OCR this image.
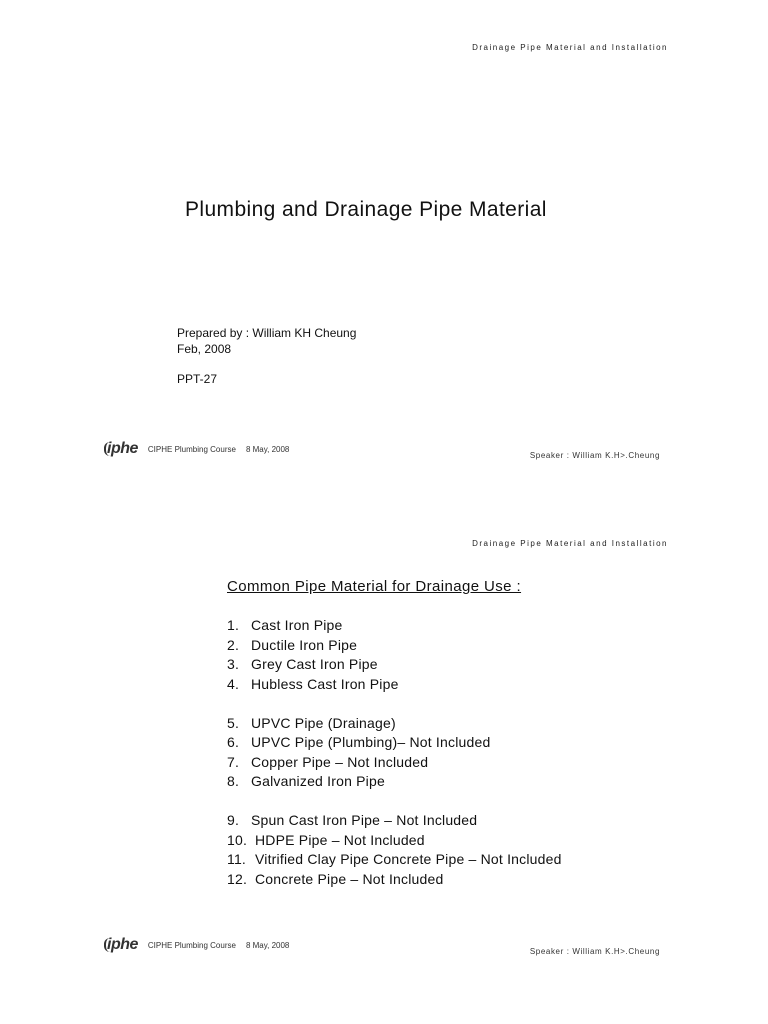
Drainage Pipe Material and Installation
Plumbing and Drainage Pipe Material
Prepared by : William KH Cheung
Feb, 2008
PPT-27
iphe CIPHE Plumbing Course 8 May, 2008
Speaker : William K.H>.Cheung
Drainage Pipe Material and Installation
Common Pipe Material for Drainage Use :
1. Cast Iron Pipe
2. Ductile Iron Pipe
3. Grey Cast Iron Pipe
4. Hubless Cast Iron Pipe
5. UPVC Pipe (Drainage)
6. UPVC Pipe (Plumbing)– Not Included
7. Copper Pipe – Not Included
8. Galvanized Iron Pipe
9. Spun Cast Iron Pipe – Not Included
10. HDPE Pipe – Not Included
11. Vitrified Clay Pipe Concrete Pipe – Not Included
12. Concrete Pipe – Not Included
iphe CIPHE Plumbing Course 8 May, 2008
Speaker : William K.H>.Cheung
